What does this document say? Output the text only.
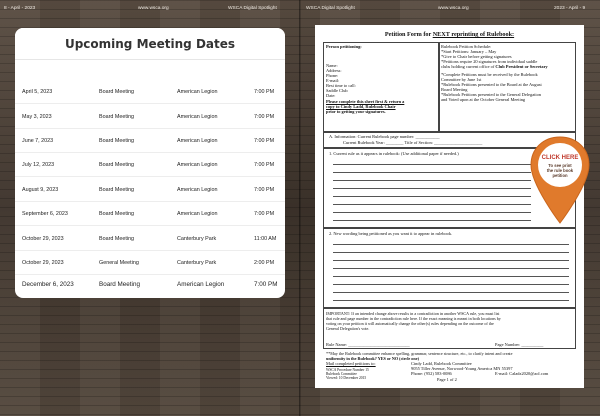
8 - April - 2023	www.wsca.org	WSCA Digital Spotlight	WSCA Digital Spotlight	www.wsca.org	2023 - April - 9
Upcoming Meeting Dates
April 5, 2023	Board Meeting	American Legion	7:00 PM
May 3, 2023	Board Meeting	American Legion	7:00 PM
June 7, 2023	Board Meeting	American Legion	7:00 PM
July 12, 2023	Board Meeting	American Legion	7:00 PM
August 9, 2023	Board Meeting	American Legion	7:00 PM
September 6, 2023	Board Meeting	American Legion	7:00 PM
October 29, 2023	Board Meeting	Canterbury Park	11:00 AM
October 29, 2023	General Meeting	Canterbury Park	2:00 PM
December 6, 2023	Board Meeting	American Legion	7:00 PM
Petition Form for NEXT reprinting of Rulebook:
Person petitioning:
Name:
Address:
Phone:
E-mail:
Best time to call:
Saddle Club
Date:
Please complete this sheet first & return a
copy to Cindy Ladd, Rulebook Chair
prior to getting your signatures.
Rulebook Petition Schedule:
*Start Petitions: January – May
*Give to Chair before getting signatures
*Petitions require 20 signatures from individual saddle
clubs holding current office of Club President or Secretary
*Complete Petitions must be received by the Rulebook
Committee by June 1st
*Rulebook Petitions presented to the Board at the August
Board Meeting
*Rulebook Petitions presented to the General Delegation
and Voted upon at the October General Meeting
A. Information: Current Rulebook page number: ___________
Current Rulebook Year: ________ Title of Section: ______________________
1. Current rule as it appears in rulebook: (Use additional paper if needed.)
2. New wording being petitioned as you want it to appear in rulebook.
IMPORTANT: If an intended change above results in a contradiction in another WSCA rule, you must list
that rule and page number in the contradiction rule here. If the exact meaning is meant in both locations by
voting on your petition it will automatically change the other(s) rules depending on the outcome of the
General Delegation's vote.
Rule Name: ____________________________	Page Number: __________
**May the Rulebook committee enhance spelling, grammar, sentence structure, etc., to clarify intent and create
uniformity in the Rulebook? YES or NO (circle one)
Mail completed petitions to:	Cindy Ladd, Rulebook Committee
9055 Tiller Avenue, Norwood-Young America MN 55397
Phone: (952) 583-0086	E-mail: Caladz2020@aol.com
WSCA Procedure Number 15
Rulebook Committee
Viewed: 10 December 2015	Page 1 of 2
CLICK HERE
To see print
the rule book
petition
